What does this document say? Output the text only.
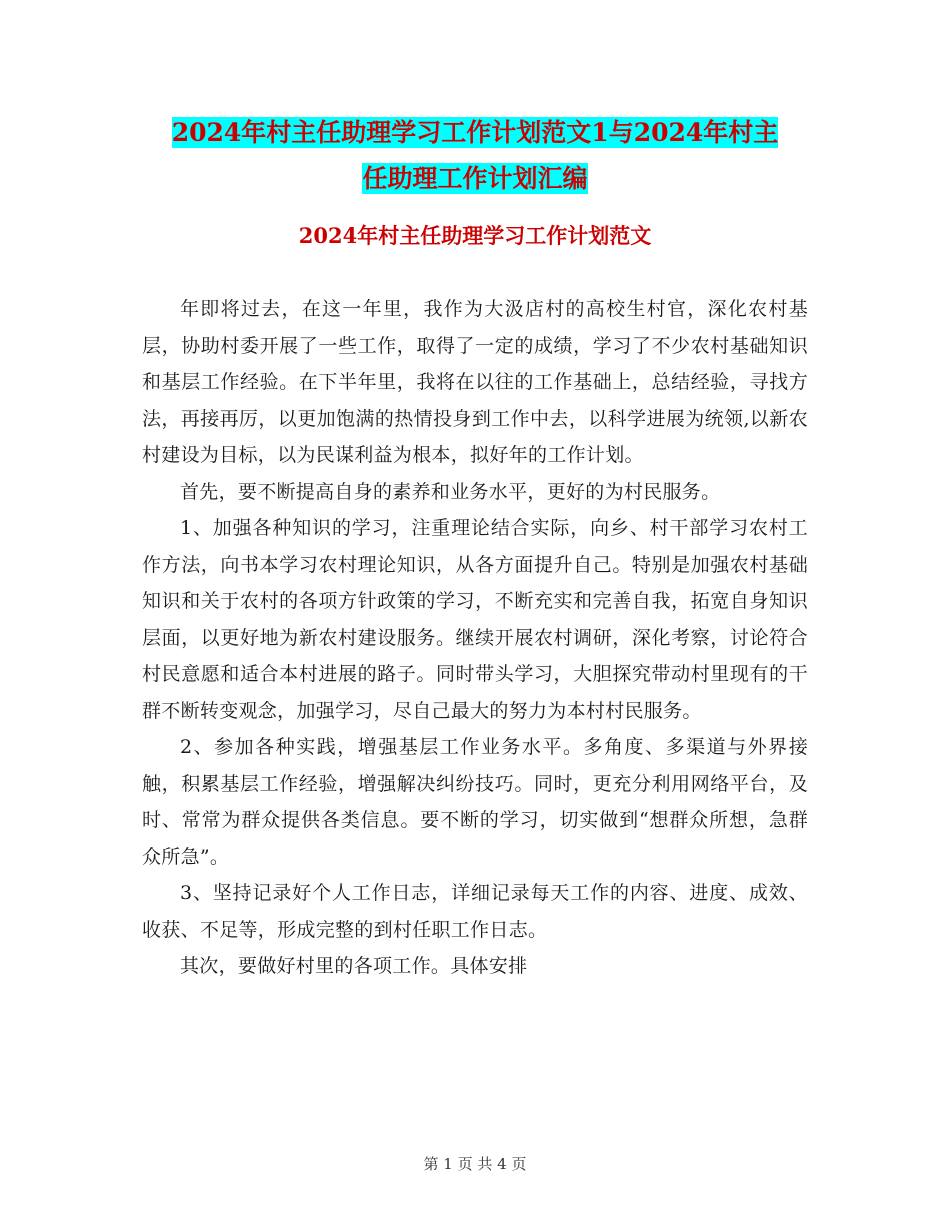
2024年村主任助理学习工作计划范文1与2024年村主
任助理工作计划汇编
2024年村主任助理学习工作计划范文

年即将过去，在这一年里，我作为大汲店村的高校生村官，深化农村基层，协助村委开展了一些工作，取得了一定的成绩，学习了不少农村基础知识和基层工作经验。在下半年里，我将在以往的工作基础上，总结经验，寻找方法，再接再厉，以更加饱满的热情投身到工作中去，以科学进展为统领,以新农村建设为目标，以为民谋利益为根本，拟好年的工作计划。

首先，要不断提高自身的素养和业务水平，更好的为村民服务。

1、加强各种知识的学习，注重理论结合实际，向乡、村干部学习农村工作方法，向书本学习农村理论知识，从各方面提升自己。特别是加强农村基础知识和关于农村的各项方针政策的学习，不断充实和完善自我，拓宽自身知识层面，以更好地为新农村建设服务。继续开展农村调研，深化考察，讨论符合村民意愿和适合本村进展的路子。同时带头学习，大胆探究带动村里现有的干群不断转变观念，加强学习，尽自己最大的努力为本村村民服务。

2、参加各种实践，增强基层工作业务水平。多角度、多渠道与外界接触，积累基层工作经验，增强解决纠纷技巧。同时，更充分利用网络平台，及时、常常为群众提供各类信息。要不断的学习，切实做到“想群众所想，急群众所急”。

3、坚持记录好个人工作日志，详细记录每天工作的内容、进度、成效、收获、不足等，形成完整的到村任职工作日志。

其次，要做好村里的各项工作。具体安排

第 1 页 共 4 页
